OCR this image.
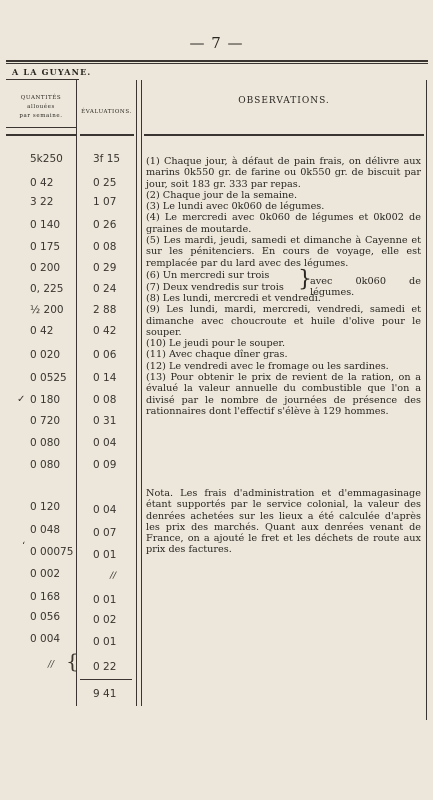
— 7 —
A LA GUYANE.
QUANTITÉS
allouées
par semaine.
ÉVALUATIONS.
OBSERVATIONS.
5k250	3f 15
0 42	0 25
3 22	1 07
0 140	0 26
0 175	0 08
0 200	0 29
0, 225	0 24
½ 200	2 88
0 42	0 42
0 020	0 06
0 0525	0 14
✓ 0 180	0 08
0 720	0 31
0 080	0 04
0 080	0 09
0 120	0 04
0 048	0 07
ʻ 0 00075 0 01
0 002	//
0 168	0 01
0 056	0 02
0 004	0 01
// { 0 22
9 41

(1) Chaque jour, à défaut de pain frais, on délivre aux marins 0k550 gr. de farine ou 0k550 gr. de biscuit par jour, soit 183 gr. 333 par repas.

(2) Chaque jour de la semaine.

(3) Le lundi avec 0k060 de légumes.

(4) Le mercredi avec 0k060 de légumes et 0k002 de graines de moutarde.

(5) Les mardi, jeudi, samedi et dimanche à Cayenne et sur les pénitenciers. En cours de voyage, elle est remplacée par du lard avec des légumes.

(6) Un mercredi sur trois
(7) Deux vendredis sur trois }
avec 0k060 de légumes.

(8) Les lundi, mercredi et vendredi.

(9) Les lundi, mardi, mercredi, vendredi, samedi et dimanche avec choucroute et huile d'olive pour le souper.

(10) Le jeudi pour le souper.

(11) Avec chaque dîner gras.

(12) Le vendredi avec le fromage ou les sardines.

(13) Pour obtenir le prix de revient de la ration, on a évalué la valeur annuelle du combustible que l'on a divisé par le nombre de journées de présence des rationnaires dont l'effectif s'élève à 129 hommes.

Nota. Les frais d'administration et d'emmagasinage étant supportés par le service colonial, la valeur des denrées achetées sur les lieux a été calculée d'après les prix des marchés. Quant aux denrées venant de France, on a ajouté le fret et les déchets de route aux prix des factures.
